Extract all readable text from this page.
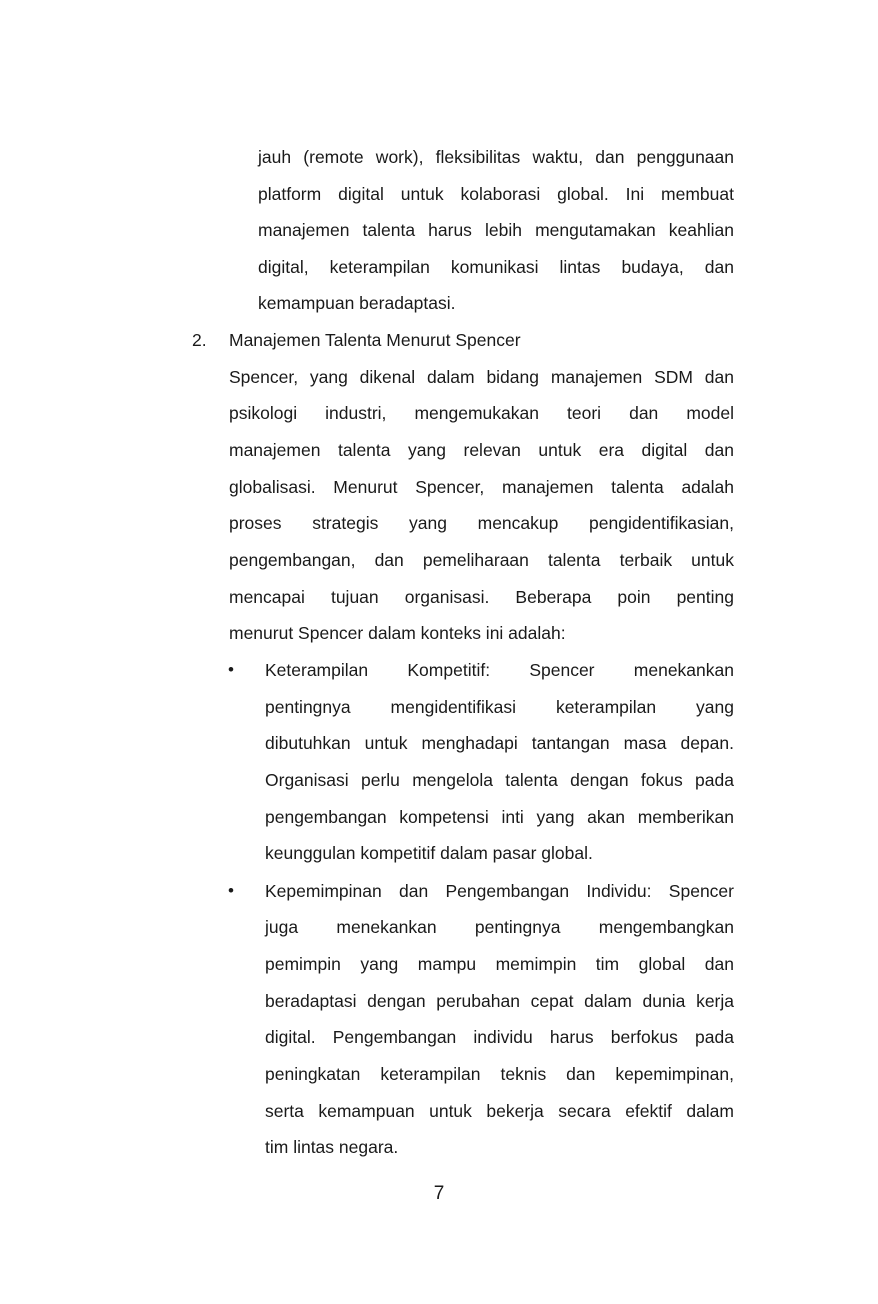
jauh (remote work), fleksibilitas waktu, dan penggunaan

platform digital untuk kolaborasi global. Ini membuat

manajemen talenta harus lebih mengutamakan keahlian

digital, keterampilan komunikasi lintas budaya, dan

kemampuan beradaptasi.

2. Manajemen Talenta Menurut Spencer

Spencer, yang dikenal dalam bidang manajemen SDM dan

psikologi industri, mengemukakan teori dan model

manajemen talenta yang relevan untuk era digital dan

globalisasi. Menurut Spencer, manajemen talenta adalah

proses strategis yang mencakup pengidentifikasian,

pengembangan, dan pemeliharaan talenta terbaik untuk

mencapai tujuan organisasi. Beberapa poin penting

menurut Spencer dalam konteks ini adalah:

• Keterampilan Kompetitif: Spencer menekankan

pentingnya mengidentifikasi keterampilan yang

dibutuhkan untuk menghadapi tantangan masa depan.

Organisasi perlu mengelola talenta dengan fokus pada

pengembangan kompetensi inti yang akan memberikan

keunggulan kompetitif dalam pasar global.

• Kepemimpinan dan Pengembangan Individu: Spencer

juga menekankan pentingnya mengembangkan

pemimpin yang mampu memimpin tim global dan

beradaptasi dengan perubahan cepat dalam dunia kerja

digital. Pengembangan individu harus berfokus pada

peningkatan keterampilan teknis dan kepemimpinan,

serta kemampuan untuk bekerja secara efektif dalam

tim lintas negara.

7
